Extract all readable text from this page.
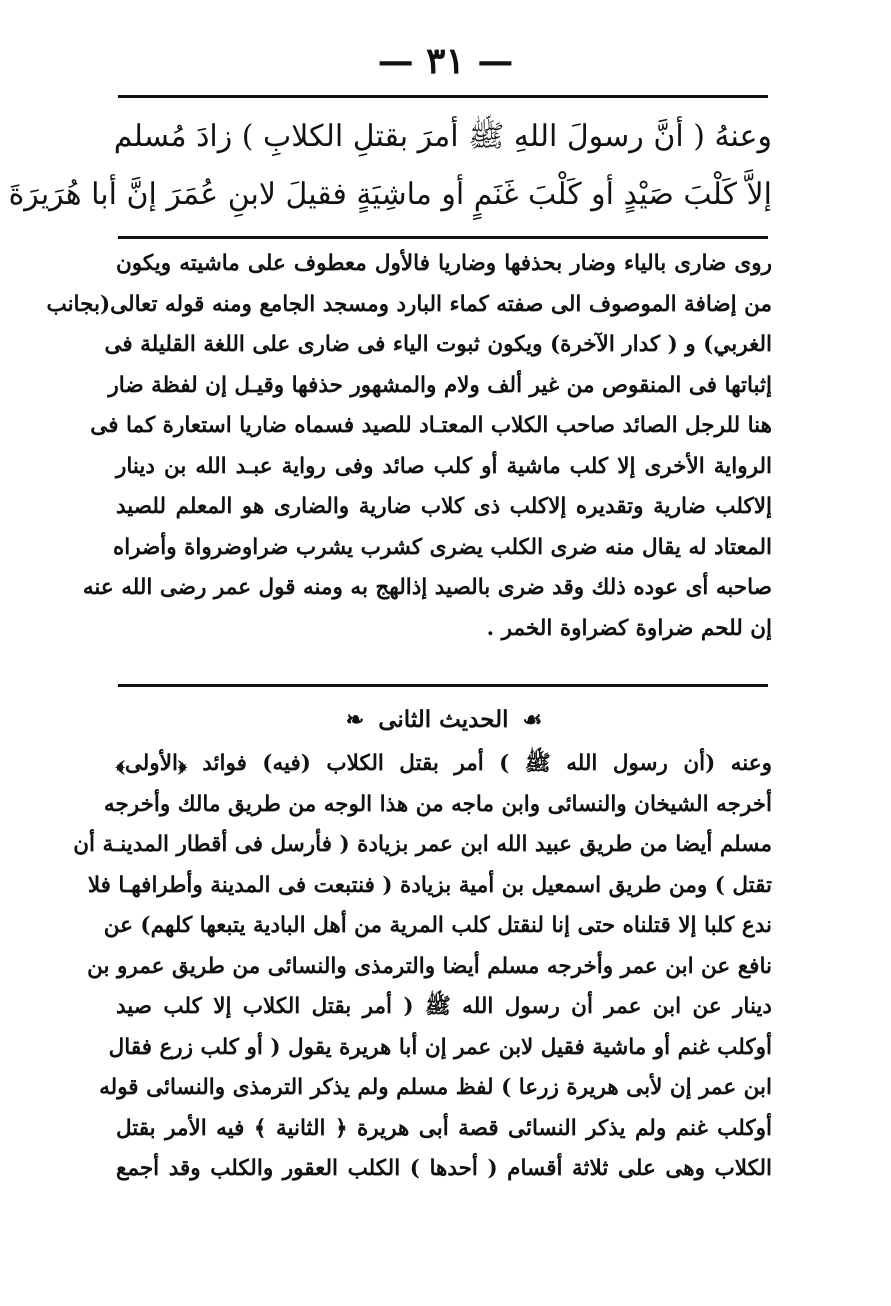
— ٣١ —
وعنهُ ( أنَّ رسولَ اللهِ ﷺ أمرَ بقتلِ الكلابِ ) زادَ مُسلم
إلاَّ كَلْبَ صَيْدٍ أو كَلْبَ غَنَمٍ أو ماشِيَةٍ فقيلَ لابنِ عُمَرَ إنَّ أبا هُرَيرَةَ
روى ضارى بالياء وضار بحذفها وضاريا فالأول معطوف على ماشيته ويكون
من إضافة الموصوف الى صفته كماء البارد ومسجد الجامع ومنه قوله تعالى(بجانب
الغربي) و ( كدار الآخرة) ويكون ثبوت الياء فى ضارى على اللغة القليلة فى
إثباتها فى المنقوص من غير ألف ولام والمشهور حذفها وقيـل إن لفظة ضار
هنا للرجل الصائد صاحب الكلاب المعتـاد للصيد فسماه ضاريا استعارة كما فى
الرواية الأخرى إلا كلب ماشية أو كلب صائد وفى رواية عبـد الله بن دينار
إلاكلب ضارية وتقديره إلاكلب ذى كلاب ضارية والضارى هو المعلم للصيد
المعتاد له يقال منه ضرى الكلب يضرى كشرب يشرب ضراوضرواة وأضراه
صاحبه أى عوده ذلك وقد ضرى بالصيد إذالهج به ومنه قول عمر رضى الله عنه
إن للحم ضراوة كضراوة الخمر .
☙ الحديث الثانى ❧
وعنه (أن رسول الله ﷺ ) أمر بقتل الكلاب (فيه) فوائد ﴿الأولى﴾
أخرجه الشيخان والنسائى وابن ماجه من هذا الوجه من طريق مالك وأخرجه
مسلم أيضا من طريق عبيد الله ابن عمر بزيادة ( فأرسل فى أقطار المدينـة أن
تقتل ) ومن طريق اسمعيل بن أمية بزيادة ( فنتبعت فى المدينة وأطرافهـا فلا
ندع كلبا إلا قتلناه حتى إنا لنقتل كلب المرية من أهل البادية يتبعها كلهم) عن
نافع عن ابن عمر وأخرجه مسلم أيضا والترمذى والنسائى من طريق عمرو بن
دينار عن ابن عمر أن رسول الله ﷺ ( أمر بقتل الكلاب إلا كلب صيد
أوكلب غنم أو ماشية فقيل لابن عمر إن أبا هريرة يقول ( أو كلب زرع فقال
ابن عمر إن لأبى هريرة زرعا ) لفظ مسلم ولم يذكر الترمذى والنسائى قوله
أوكلب غنم ولم يذكر النسائى قصة أبى هريرة ﴿ الثانية ﴾ فيه الأمر بقتل
الكلاب وهى على ثلاثة أقسام ( أحدها ) الكلب العقور والكلب وقد أجمع
